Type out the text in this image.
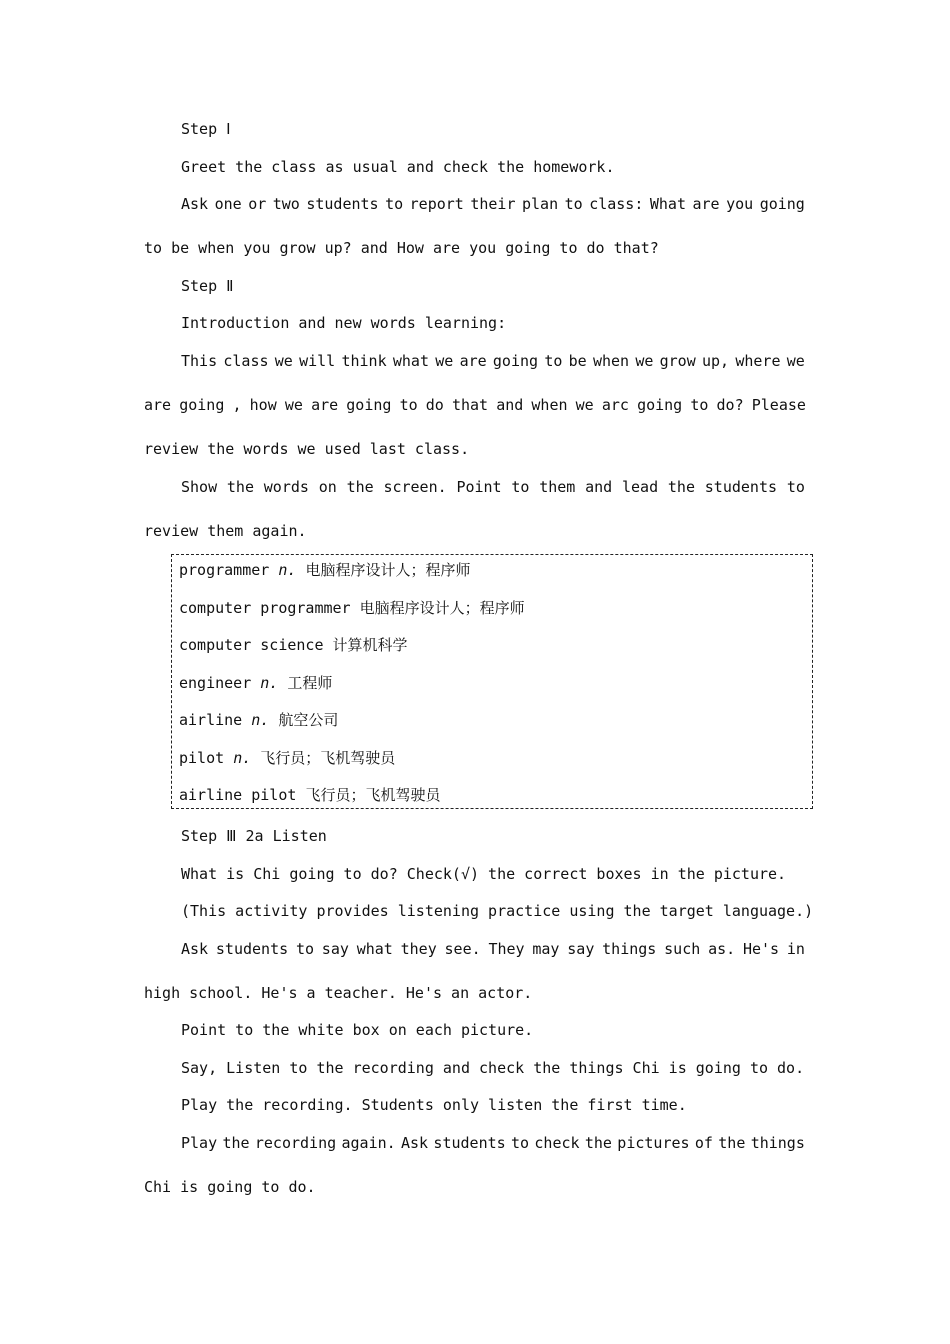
Step Ⅰ
Greet the class as usual and check the homework.
Ask one or two students to report their plan to class: What are you going
to be when you grow up? and How are you going to do that?
Step Ⅱ
Introduction and new words learning:
This class we will think what we are going to be when we grow up, where we
are going , how we are going to do that and when we arc going to do? Please
review the words we used last class.
Show the words on the screen. Point to them and lead the students to
review them again.
programmer n. 电脑程序设计人；程序师
computer programmer 电脑程序设计人；程序师
computer science 计算机科学
engineer n. 工程师
airline n. 航空公司
pilot n. 飞行员；飞机驾驶员
airline pilot 飞行员；飞机驾驶员
Step Ⅲ 2a Listen
What is Chi going to do? Check(√) the correct boxes in the picture.
(This activity provides listening practice using the target language.)
Ask students to say what they see. They may say things such as. He's in
high school. He's a teacher. He's an actor.
Point to the white box on each picture.
Say, Listen to the recording and check the things Chi is going to do.
Play the recording. Students only listen the first time.
Play the recording again. Ask students to check the pictures of the things
Chi is going to do.
